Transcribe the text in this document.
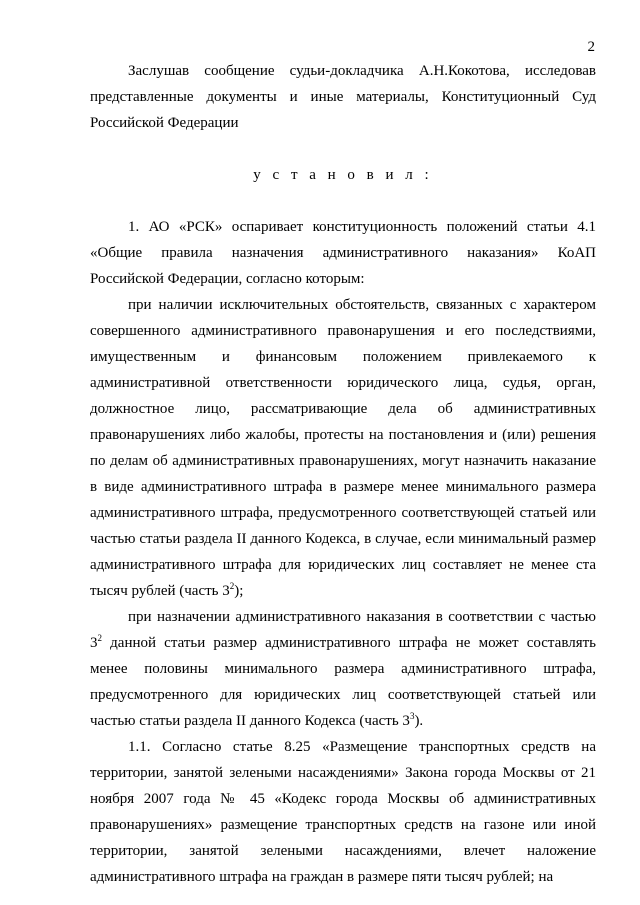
2

Заслушав сообщение судьи-докладчика А.Н.Кокотова, исследовав представленные документы и иные материалы, Конституционный Суд Российской Федерации

у с т а н о в и л :

1. АО «РСК» оспаривает конституционность положений статьи 4.1 «Общие правила назначения административного наказания» КоАП Российской Федерации, согласно которым:

при наличии исключительных обстоятельств, связанных с характером совершенного административного правонарушения и его последствиями, имущественным и финансовым положением привлекаемого к административной ответственности юридического лица, судья, орган, должностное лицо, рассматривающие дела об административных правонарушениях либо жалобы, протесты на постановления и (или) решения по делам об административных правонарушениях, могут назначить наказание в виде административного штрафа в размере менее минимального размера административного штрафа, предусмотренного соответствующей статьей или частью статьи раздела II данного Кодекса, в случае, если минимальный размер административного штрафа для юридических лиц составляет не менее ста тысяч рублей (часть $3^2$);

при назначении административного наказания в соответствии с частью $3^2$ данной статьи размер административного штрафа не может составлять менее половины минимального размера административного штрафа, предусмотренного для юридических лиц соответствующей статьей или частью статьи раздела II данного Кодекса (часть $3^3$).

1.1. Согласно статье 8.25 «Размещение транспортных средств на территории, занятой зелеными насаждениями» Закона города Москвы от 21 ноября 2007 года № 45 «Кодекс города Москвы об административных правонарушениях» размещение транспортных средств на газоне или иной территории, занятой зелеными насаждениями, влечет наложение административного штрафа на граждан в размере пяти тысяч рублей; на
